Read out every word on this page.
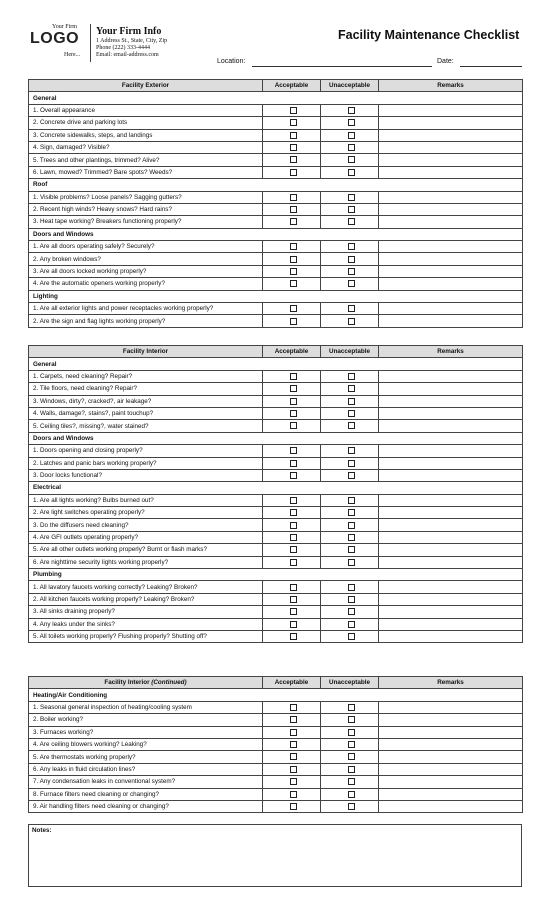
Your Firm
LOGO
Here...
Your Firm Info
1 Address St., State, City, Zip
Phone (222) 333-4444
Email: email-address.com
Facility Maintenance Checklist
Location:	Date:
Facility Exterior	Acceptable	Unacceptable	Remarks
General			
1. Overall appearance			
2. Concrete drive and parking lots			
3. Concrete sidewalks, steps, and landings			
4. Sign, damaged? Visible?			
5. Trees and other plantings, trimmed? Alive?			
6. Lawn, mowed? Trimmed? Bare spots? Weeds?			
Roof			
1. Visible problems? Loose panels? Sagging gutters?			
2. Recent high winds? Heavy snows? Hard rains?			
3. Heat tape working? Breakers functioning properly?			
Doors and Windows			
1. Are all doors operating safely? Securely?			
2. Any broken windows?			
3. Are all doors locked working properly?			
4. Are the automatic openers working properly?			
Lighting			
1. Are all exterior lights and power receptacles working properly?			
2. Are the sign and flag lights working properly?			
Facility Interior	Acceptable	Unacceptable	Remarks
General			
1. Carpets, need cleaning? Repair?			
2. Tile floors, need cleaning? Repair?			
3. Windows, dirty?, cracked?, air leakage?			
4. Walls, damage?, stains?, paint touchup?			
5. Ceiling tiles?, missing?, water stained?			
Doors and Windows			
1. Doors opening and closing properly?			
2. Latches and panic bars working properly?			
3. Door locks functional?			
Electrical			
1. Are all lights working? Bulbs burned out?			
2. Are light switches operating properly?			
3. Do the diffusers need cleaning?			
4. Are GFI outlets operating properly?			
5. Are all other outlets working properly? Burnt or flash marks?			
6. Are nighttime security lights working properly?			
Plumbing			
1. All lavatory faucets working correctly? Leaking? Broken?			
2. All kitchen faucets working properly? Leaking? Broken?			
3. All sinks draining properly?			
4. Any leaks under the sinks?			
5. All toilets working properly? Flushing properly? Shutting off?			
Facility Interior (Continued)	Acceptable	Unacceptable	Remarks
Heating/Air Conditioning			
1. Seasonal general inspection of heating/cooling system			
2. Boiler working?			
3. Furnaces working?			
4. Are ceiling blowers working? Leaking?			
5. Are thermostats working properly?			
6. Any leaks in fluid circulation lines?			
7. Any condensation leaks in conventional system?			
8. Furnace filters need cleaning or changing?			
9. Air handling filters need cleaning or changing?			
Notes:
